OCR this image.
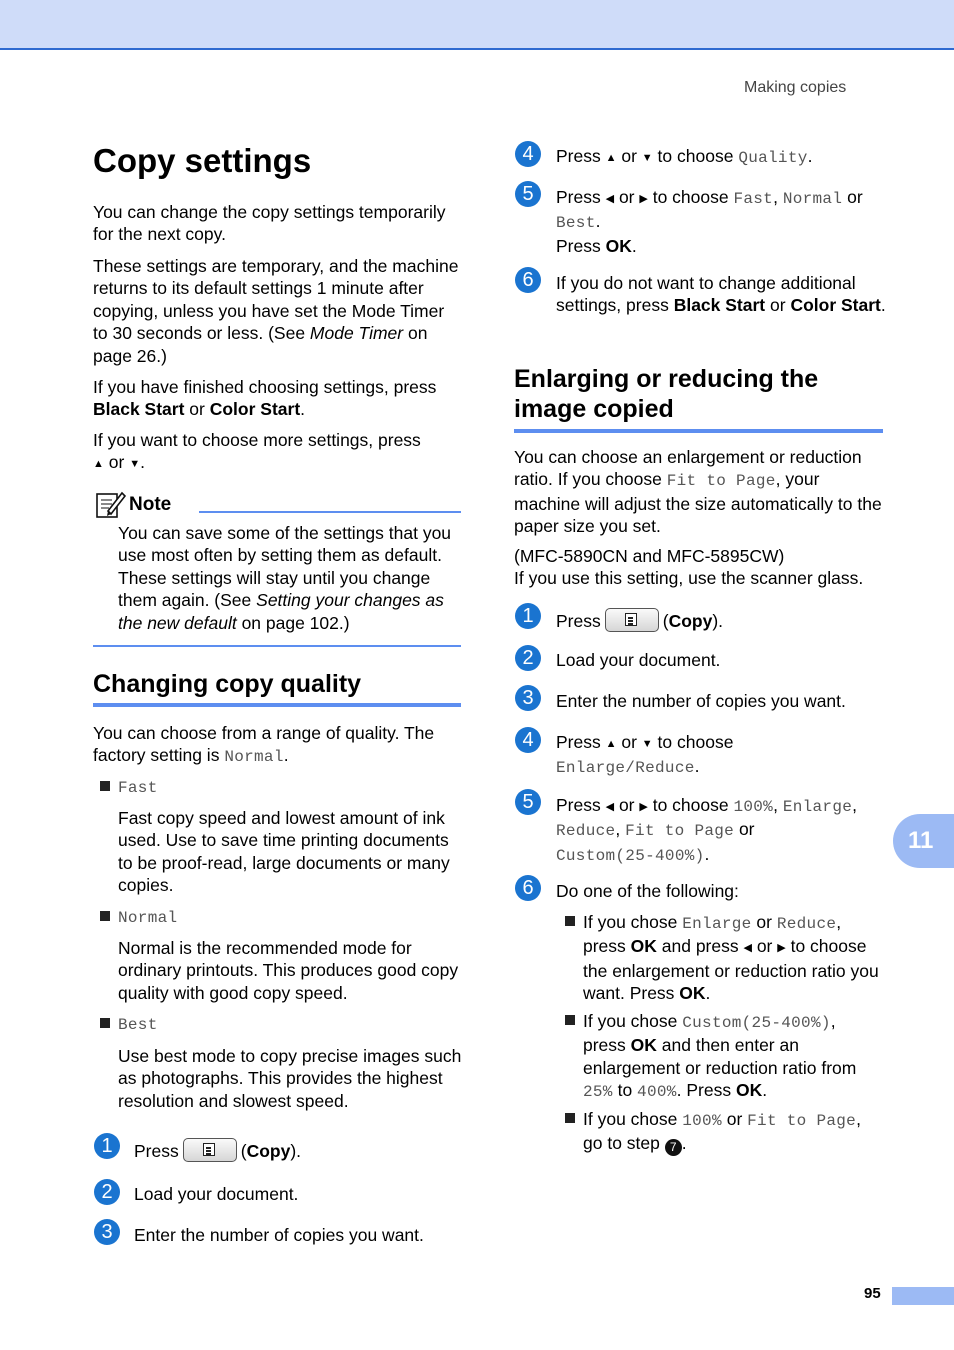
Making copies
Copy settings

You can change the copy settings temporarily for the next copy.

These settings are temporary, and the machine returns to its default settings 1 minute after copying, unless you have set the Mode Timer to 30 seconds or less. (See Mode Timer on page 26.)

If you have finished choosing settings, press Black Start or Color Start.

If you want to choose more settings, press
▲ or ▼.

Note

You can save some of the settings that you use most often by setting them as default. These settings will stay until you change them again. (See Setting your changes as the new default on page 102.)

Changing copy quality

You can choose from a range of quality. The factory setting is Normal.

Fast

Fast copy speed and lowest amount of ink used. Use to save time printing documents to be proof-read, large documents or many copies.

Normal

Normal is the recommended mode for ordinary printouts. This produces good copy quality with good copy speed.

Best

Use best mode to copy precise images such as photographs. This provides the highest resolution and slowest speed.

1	Press	(Copy).

2	Load your document.

3	Enter the number of copies you want.

4	Press ▲ or ▼ to choose Quality.

5	Press ◀ or ▶ to choose Fast, Normal or Best.
Press OK.

6	If you do not want to change additional settings, press Black Start or Color Start.

Enlarging or reducing the image copied

You can choose an enlargement or reduction ratio. If you choose Fit to Page, your machine will adjust the size automatically to the paper size you set.

(MFC-5890CN and MFC-5895CW)
If you use this setting, use the scanner glass.

1	Press	(Copy).

2	Load your document.

3	Enter the number of copies you want.

4	Press ▲ or ▼ to choose
Enlarge/Reduce.

5	Press ◀ or ▶ to choose 100%, Enlarge,
Reduce, Fit to Page or
Custom(25-400%).

6	Do one of the following:

If you chose Enlarge or Reduce,
press OK and press ◀ or ▶ to choose the enlargement or reduction ratio you want. Press OK.

If you chose Custom(25-400%),
press OK and then enter an enlargement or reduction ratio from 25% to 400%. Press OK.

If you chose 100% or Fit to Page,
go to step 7 .

11
95
